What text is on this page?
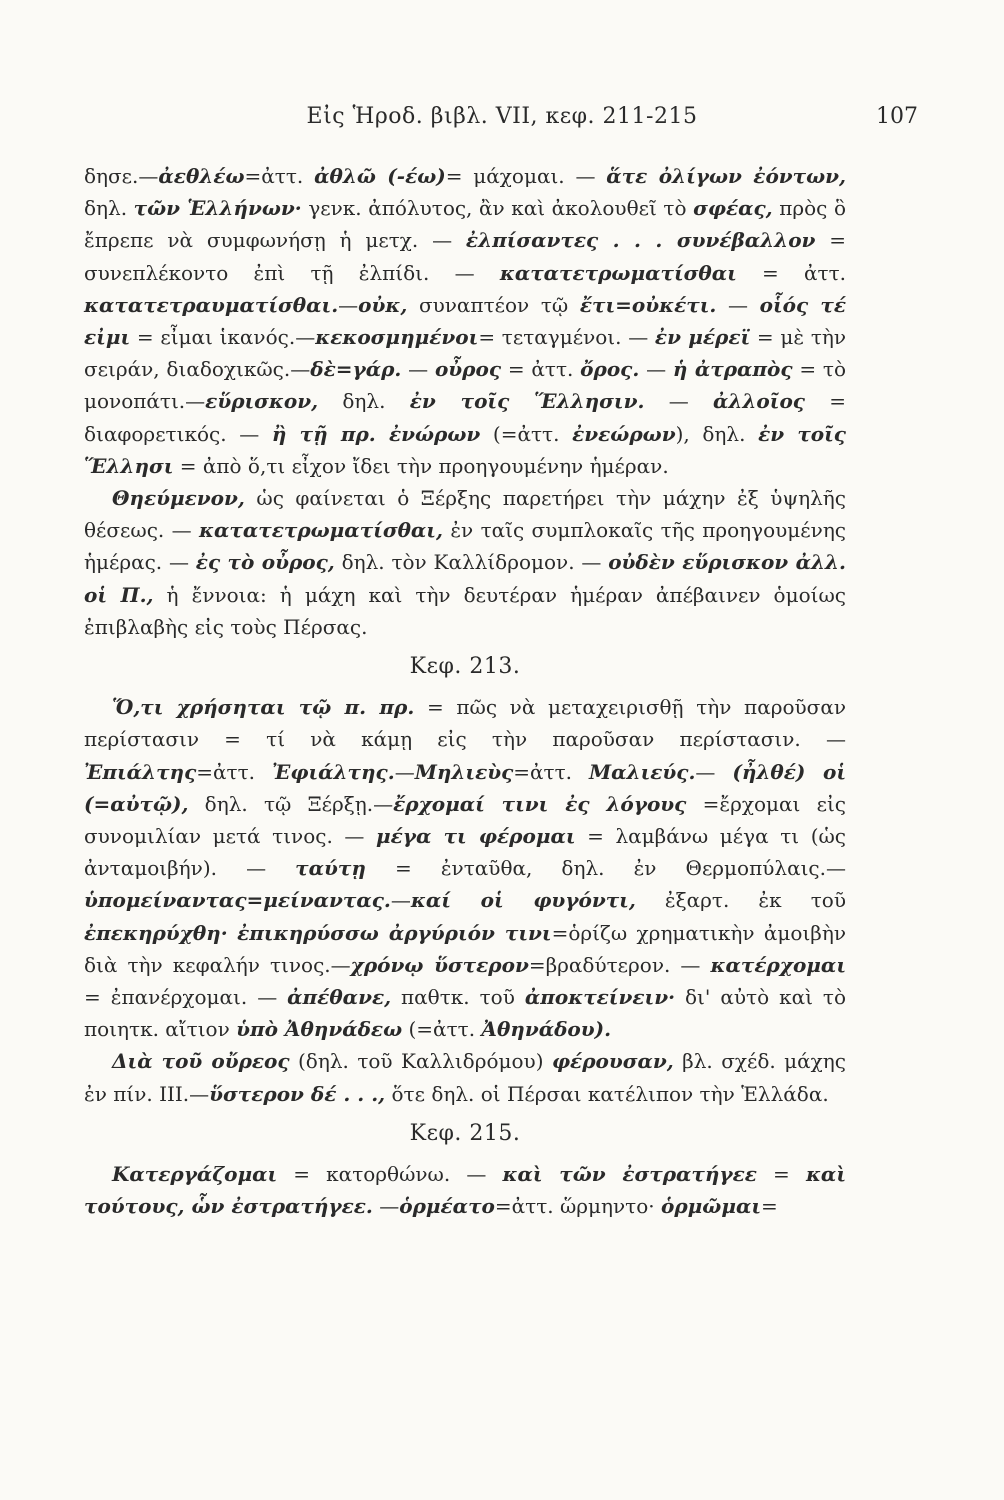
Εἰς Ἡροδ. βιβλ. VII, κεφ. 211-215	107

δησε.—ἀεθλέω=ἀττ. ἀθλῶ (-έω)= μάχομαι. — ἅτε ὀλίγων ἐόντων, δηλ. τῶν Ἑλλήνων· γενκ. ἀπόλυτος, ἂν καὶ ἀκολουθεῖ τὸ σφέας, πρὸς ὃ ἔπρεπε νὰ συμφωνήσῃ ἡ μετχ. — ἐλπίσαντες . . . συνέβαλλον = συνεπλέκοντο ἐπὶ τῇ ἐλπίδι. — κατατετρωματίσθαι = ἀττ. κατατετραυματίσθαι.—οὐκ, συναπτέον τῷ ἔτι=οὐκέτι. — οἷός τέ εἰμι = εἶμαι ἱκανός.—κεκοσμημένοι= τεταγμένοι. — ἐν μέρεϊ = μὲ τὴν σειράν, διαδοχικῶς.—δὲ=γάρ. — οὖρος = ἀττ. ὄρος. — ἡ ἀτραπὸς = τὸ μονοπάτι.—εὕρισκον, δηλ. ἐν τοῖς Ἕλλησιν. — ἀλλοῖος = διαφορετικός. — ἢ τῇ πρ. ἐνώρων (=ἀττ. ἐνεώρων), δηλ. ἐν τοῖς Ἕλλησι = ἀπὸ ὅ,τι εἶχον ἴδει τὴν προηγουμένην ἡμέραν.

Θηεύμενον, ὡς φαίνεται ὁ Ξέρξης παρετήρει τὴν μάχην ἐξ ὑψηλῆς θέσεως. — κατατετρωματίσθαι, ἐν ταῖς συμπλοκαῖς τῆς προηγουμένης ἡμέρας. — ἐς τὸ οὖρος, δηλ. τὸν Καλλίδρομον. — οὐδὲν εὕρισκον ἀλλ. οἱ Π., ἡ ἔννοια: ἡ μάχη καὶ τὴν δευτέραν ἡμέραν ἀπέβαινεν ὁμοίως ἐπιβλαβὴς εἰς τοὺς Πέρσας.

Κεφ. 213.

Ὅ,τι χρήσηται τῷ π. πρ. = πῶς νὰ μεταχειρισθῇ τὴν παροῦσαν περίστασιν = τί νὰ κάμῃ εἰς τὴν παροῦσαν περίστασιν. — Ἐπιάλτης=ἀττ. Ἐφιάλτης.—Μηλιεὺς=ἀττ. Μαλιεύς.— (ἦλθέ) οἱ (=αὐτῷ), δηλ. τῷ Ξέρξῃ.—ἔρχομαί τινι ἐς λόγους =ἔρχομαι εἰς συνομιλίαν μετά τινος. — μέγα τι φέρομαι = λαμβάνω μέγα τι (ὡς ἀνταμοιβήν). — ταύτῃ = ἐνταῦθα, δηλ. ἐν Θερμοπύλαις.—ὑπομείναντας=μείναντας.—καί οἱ φυγόντι, ἐξαρτ. ἐκ τοῦ ἐπεκηρύχθη· ἐπικηρύσσω ἀργύριόν τινι=ὁρίζω χρηματικὴν ἀμοιβὴν διὰ τὴν κεφαλήν τινος.—χρόνῳ ὕστερον=βραδύτερον. — κατέρχομαι = ἐπανέρχομαι. — ἀπέθανε, παθτκ. τοῦ ἀποκτείνειν· δι' αὐτὸ καὶ τὸ ποιητκ. αἴτιον ὑπὸ Ἀθηνάδεω (=ἀττ. Ἀθηνάδου).

Διὰ τοῦ οὔρεος (δηλ. τοῦ Καλλιδρόμου) φέρουσαν, βλ. σχέδ. μάχης ἐν πίν. III.—ὕστερον δέ . . ., ὅτε δηλ. οἱ Πέρσαι κατέλιπον τὴν Ἑλλάδα.

Κεφ. 215.

Κατεργάζομαι = κατορθώνω. — καὶ τῶν ἐστρατήγεε = καὶ τούτους, ὧν ἐστρατήγεε. —ὁρμέατο=ἀττ. ὥρμηντο· ὁρμῶμαι=
